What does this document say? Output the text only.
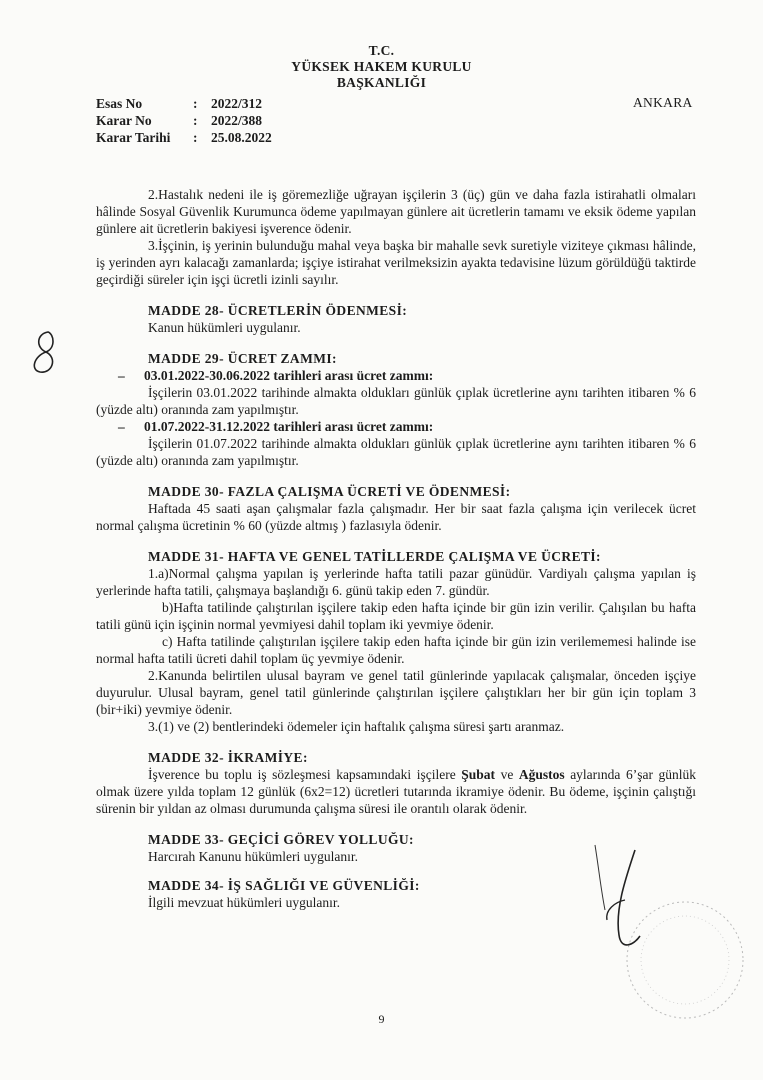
T.C.
YÜKSEK HAKEM KURULU
BAŞKANLIĞI
Esas No	:	2022/312
Karar No	:	2022/388
Karar Tarihi	:	25.08.2022
ANKARA

2.Hastalık nedeni ile iş göremezliğe uğrayan işçilerin 3 (üç) gün ve daha fazla istirahatli olmaları hâlinde Sosyal Güvenlik Kurumunca ödeme yapılmayan günlere ait ücretlerin tamamı ve eksik ödeme yapılan günlere ait ücretlerin bakiyesi işverence ödenir.

3.İşçinin, iş yerinin bulunduğu mahal veya başka bir mahalle sevk suretiyle viziteye çıkması hâlinde, iş yerinden ayrı kalacağı zamanlarda; işçiye istirahat verilmeksizin ayakta tedavisine lüzum görüldüğü taktirde geçirdiği süreler için işçi ücretli izinli sayılır.

MADDE 28- ÜCRETLERİN ÖDENMESİ:

Kanun hükümleri uygulanır.

MADDE 29- ÜCRET ZAMMI:
–	03.01.2022-30.06.2022 tarihleri arası ücret zammı:

İşçilerin 03.01.2022 tarihinde almakta oldukları günlük çıplak ücretlerine aynı tarihten itibaren % 6 (yüzde altı) oranında zam yapılmıştır.

–	01.07.2022-31.12.2022 tarihleri arası ücret zammı:

İşçilerin 01.07.2022 tarihinde almakta oldukları günlük çıplak ücretlerine aynı tarihten itibaren % 6 (yüzde altı) oranında zam yapılmıştır.

MADDE 30- FAZLA ÇALIŞMA ÜCRETİ VE ÖDENMESİ:

Haftada 45 saati aşan çalışmalar fazla çalışmadır. Her bir saat fazla çalışma için verilecek ücret normal çalışma ücretinin % 60 (yüzde altmış ) fazlasıyla ödenir.

MADDE 31- HAFTA VE GENEL TATİLLERDE ÇALIŞMA VE ÜCRETİ:

1.a)Normal çalışma yapılan iş yerlerinde hafta tatili pazar günüdür. Vardiyalı çalışma yapılan iş yerlerinde hafta tatili, çalışmaya başlandığı 6. günü takip eden 7. gündür.

b)Hafta tatilinde çalıştırılan işçilere takip eden hafta içinde bir gün izin verilir. Çalışılan bu hafta tatili günü için işçinin normal yevmiyesi dahil toplam iki yevmiye ödenir.

c) Hafta tatilinde çalıştırılan işçilere takip eden hafta içinde bir gün izin verilememesi halinde ise normal hafta tatili ücreti dahil toplam üç yevmiye ödenir.

2.Kanunda belirtilen ulusal bayram ve genel tatil günlerinde yapılacak çalışmalar, önceden işçiye duyurulur. Ulusal bayram, genel tatil günlerinde çalıştırılan işçilere çalıştıkları her bir gün için toplam 3 (bir+iki) yevmiye ödenir.

3.(1) ve (2) bentlerindeki ödemeler için haftalık çalışma süresi şartı aranmaz.

MADDE 32- İKRAMİYE:

İşverence bu toplu iş sözleşmesi kapsamındaki işçilere Şubat ve Ağustos aylarında 6’şar günlük olmak üzere yılda toplam 12 günlük (6x2=12) ücretleri tutarında ikramiye ödenir. Bu ödeme, işçinin çalıştığı sürenin bir yıldan az olması durumunda çalışma süresi ile orantılı olarak ödenir.

MADDE 33- GEÇİCİ GÖREV YOLLUĞU:

Harcırah Kanunu hükümleri uygulanır.

MADDE 34- İŞ SAĞLIĞI VE GÜVENLİĞİ:

İlgili mevzuat hükümleri uygulanır.

9
